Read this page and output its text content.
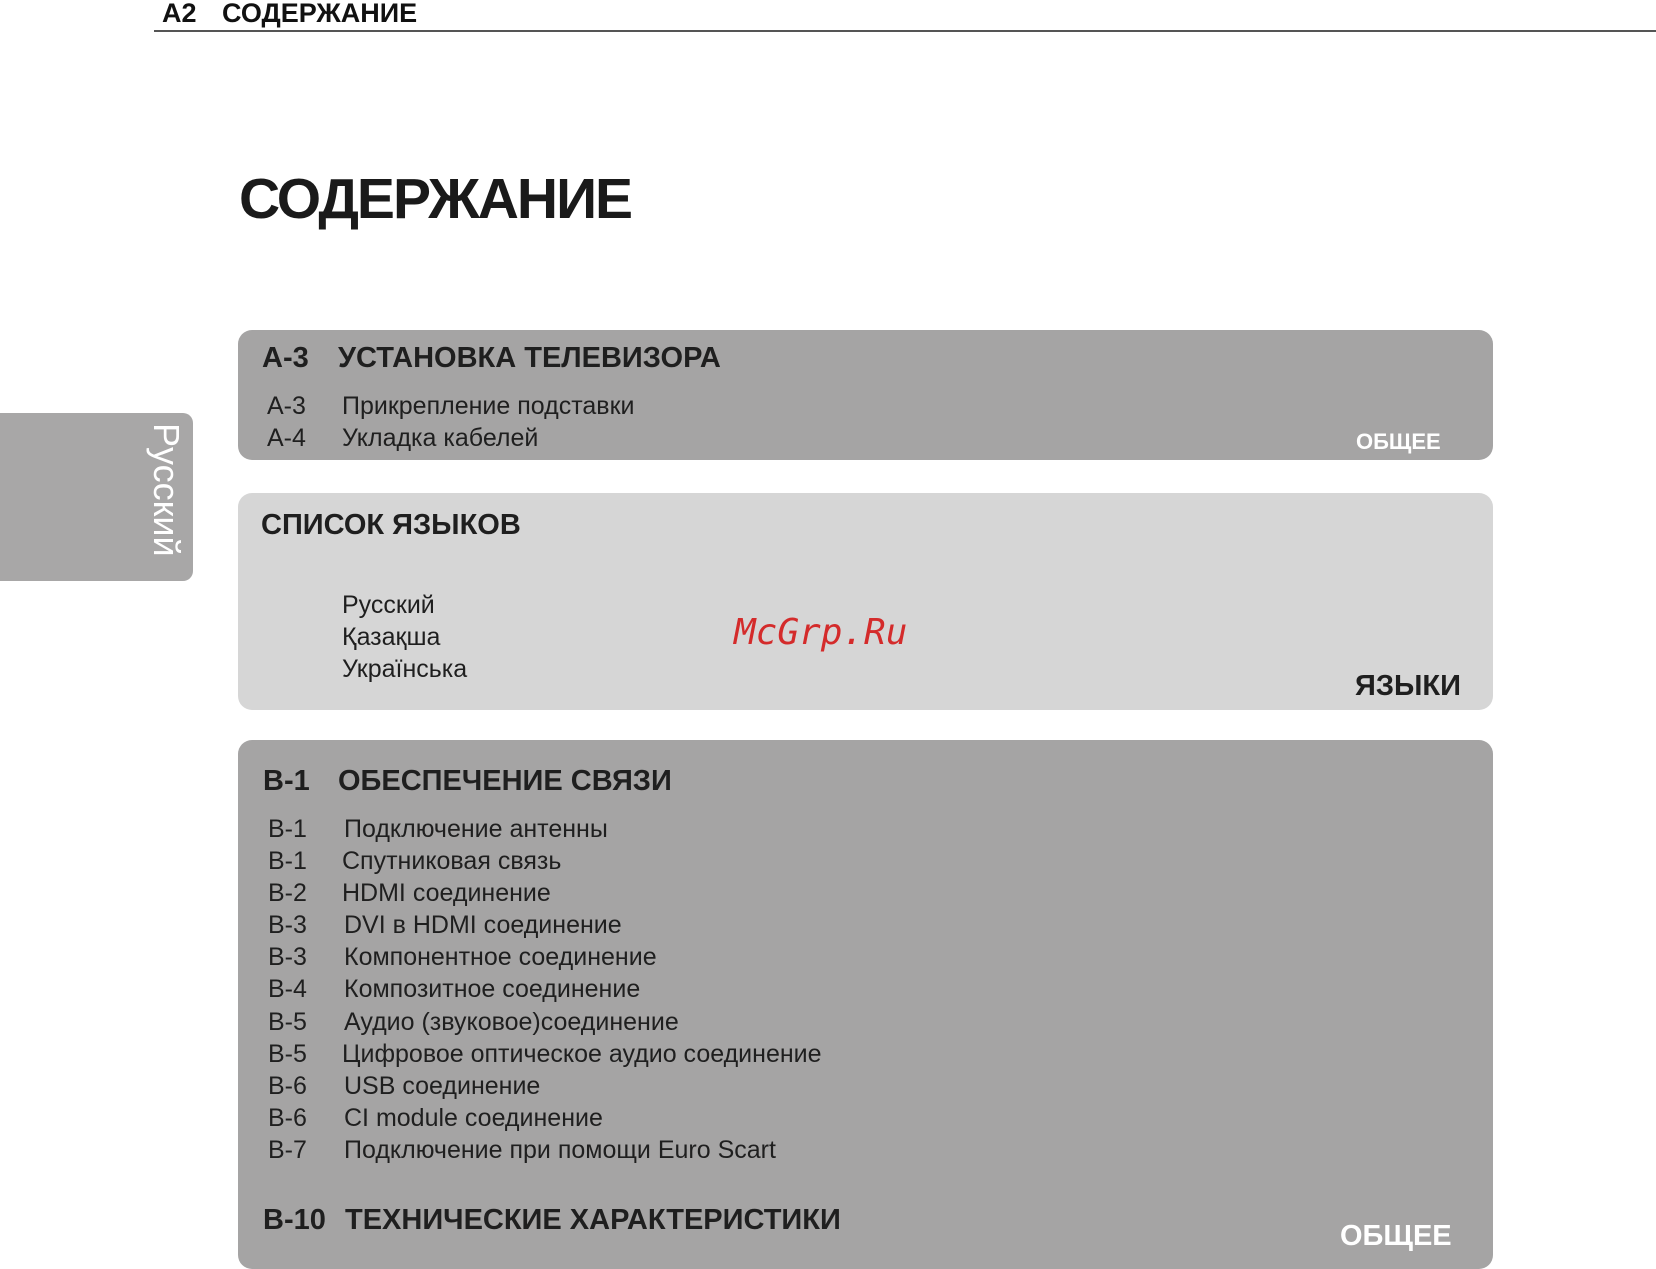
A2 СОДЕРЖАНИЕ
СОДЕРЖАНИЕ
Русский
A-3 УСТАНОВКА ТЕЛЕВИЗОРА
A-3 Прикрепление подставки
A-4 Укладка кабелей	ОБЩЕЕ
СПИСОК ЯЗЫКОВ
Русский
Қазақша
Українська
ЯЗЫКИ
McGrp.Ru
B-1 ОБЕСПЕЧЕНИЕ СВЯЗИ
B-1 Подключение антенны
B-1 Спутниковая связь
B-2 HDMI соединение
B-3 DVI в HDMI соединение
B-3 Компонентное соединение
B-4 Композитное соединение
B-5 Аудио (звуковое)соединение
B-5 Цифровое оптическое аудио соединение
B-6 USB соединение
B-6 CI module соединение
B-7 Подключение при помощи Euro Scart
B-10 ТЕХНИЧЕСКИЕ ХАРАКТЕРИСТИКИ	ОБЩЕЕ
